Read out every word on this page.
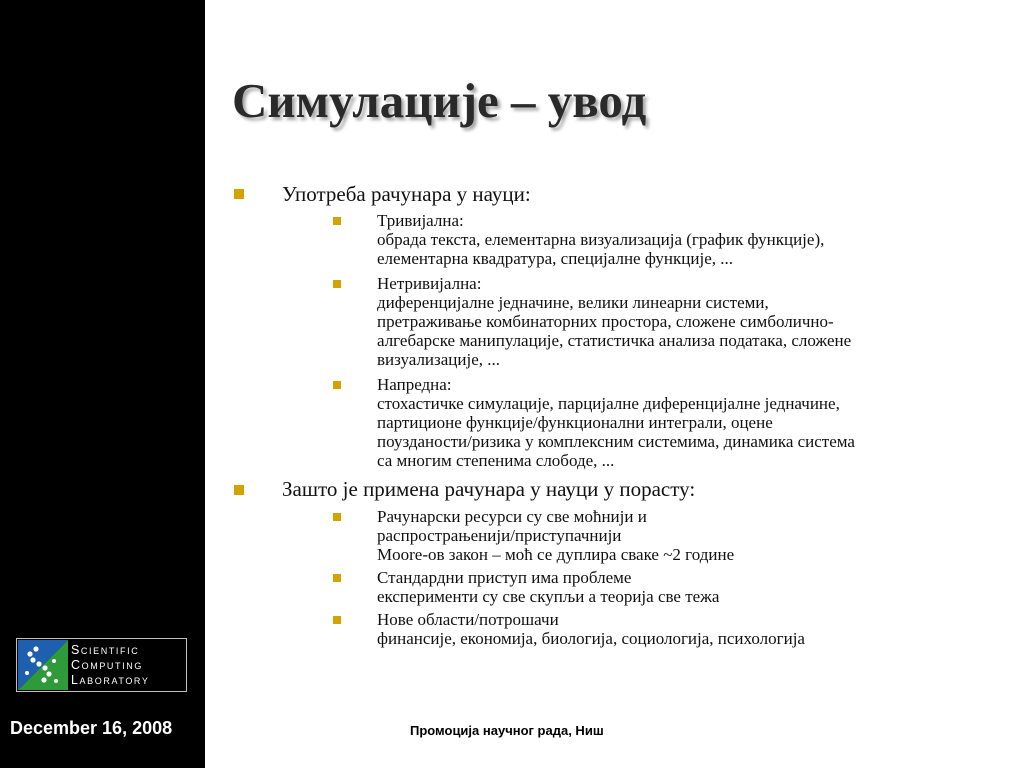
Симулације – увод
Употреба рачунара у науци:
Тривијална:
обрада текста, елементарна визуализација (график функције),
елементарна квадратура, специјалне функције, ...
Нетривијална:
диференцијалне једначине, велики линеарни системи,
претраживање комбинаторних простора, сложене симболично-
алгебарске манипулације, статистичка анализа података, сложене
визуализације, ...
Напредна:
стохастичке симулације, парцијалне диференцијалне једначине,
партиционе функције/функционални интеграли, оцене
поузданости/ризика у комплексним системима, динамика система
са многим степенима слободе, ...
Зашто је примена рачунара у науци у порасту:
Рачунарски ресурси су све моћнији и
распрострањенији/приступачнији
Moore-ов закон – моћ се дуплира сваке ~2 године
Стандардни приступ има проблеме
експерименти су све скупљи а теорија све тежа
Нове области/потрошачи
финансије, економија, биологија, социологија, психологија
Scientific
Computing
Laboratory
December 16, 2008	Промоција научног рада, Ниш
